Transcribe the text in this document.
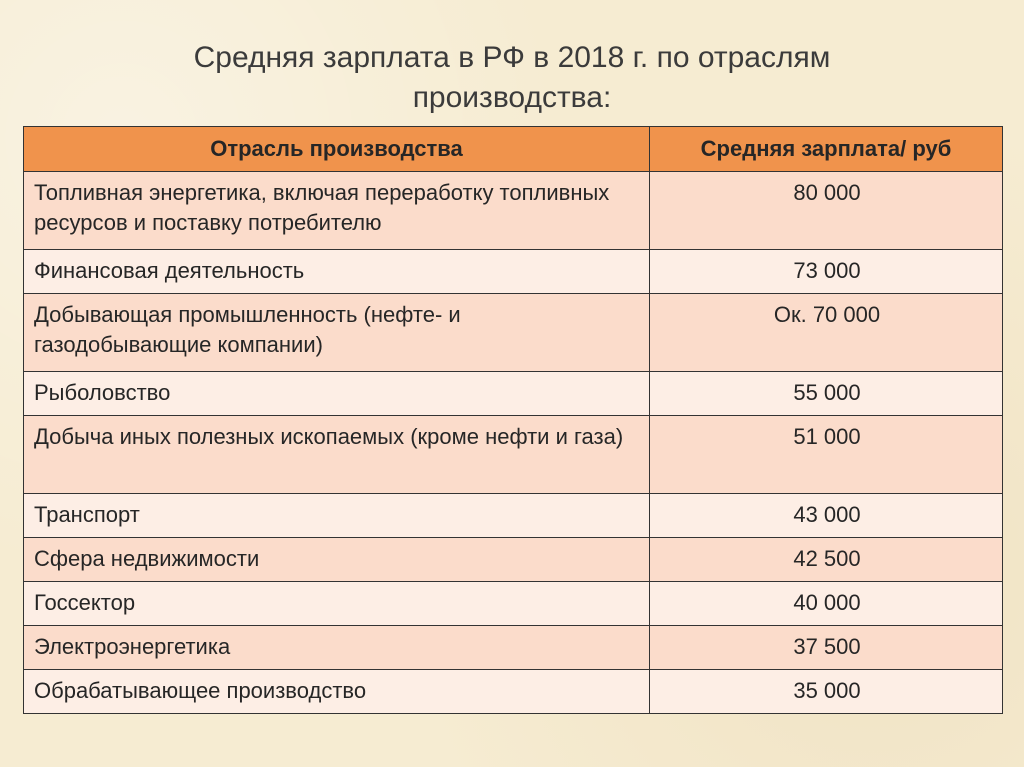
Средняя зарплата в РФ в 2018 г. по отраслям
производства:
Отрасль производства	Средняя зарплата/ руб
Топливная энергетика, включая переработку топливных ресурсов и поставку потребителю	80 000
Финансовая деятельность	73 000
Добывающая промышленность (нефте- и газодобывающие компании)	Ок. 70 000
Рыболовство	55 000
Добыча иных полезных ископаемых (кроме нефти и газа)	51 000
Транспорт	43 000
Сфера недвижимости	42 500
Госсектор	40 000
Электроэнергетика	37 500
Обрабатывающее производство	35 000
